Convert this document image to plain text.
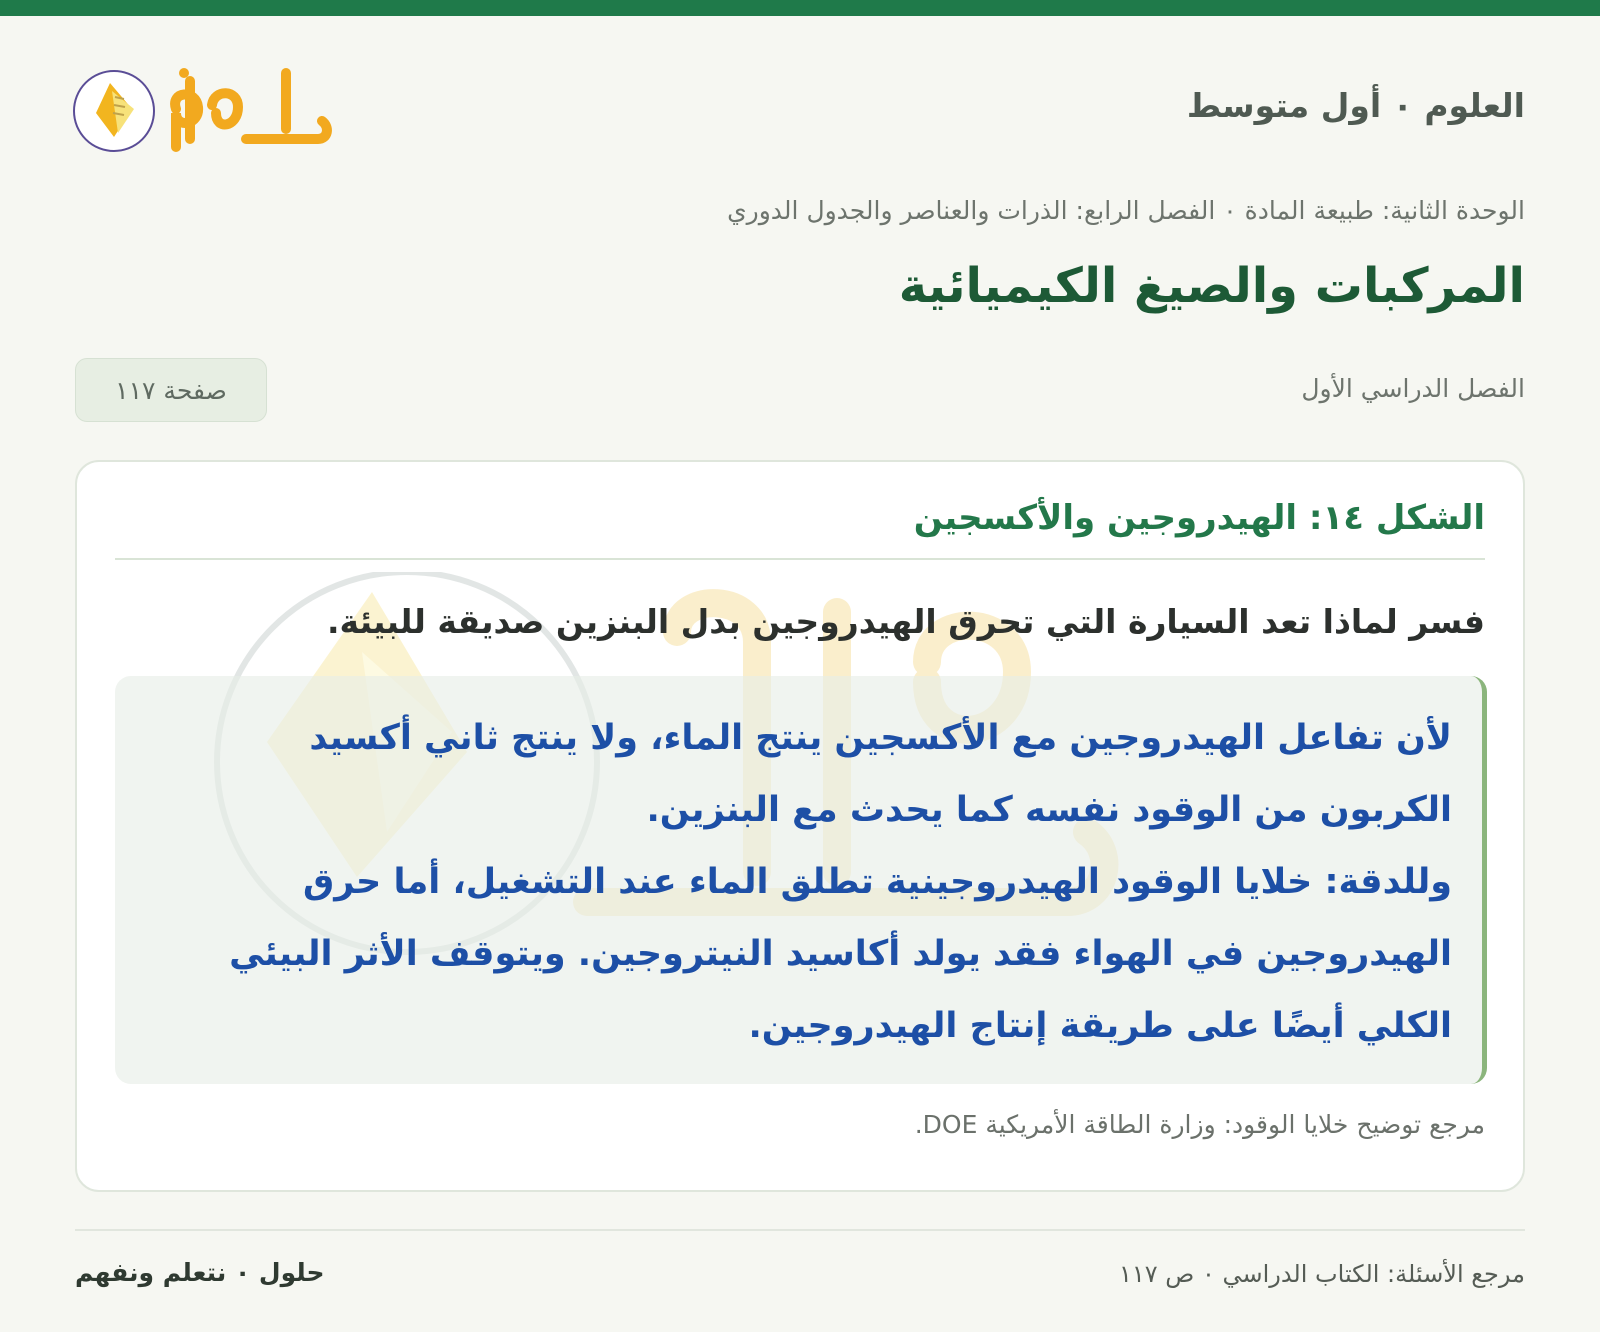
العلوم ٠ أول متوسط
الوحدة الثانية: طبيعة المادة ٠ الفصل الرابع: الذرات والعناصر والجدول الدوري
المركبات والصيغ الكيميائية
الفصل الدراسي الأول
صفحة ١١٧
الشكل ١٤: الهيدروجين والأكسجين
فسر لماذا تعد السيارة التي تحرق الهيدروجين بدل البنزين صديقة للبيئة.

لأن تفاعل الهيدروجين مع الأكسجين ينتج الماء، ولا ينتج ثاني أكسيد الكربون من الوقود نفسه كما يحدث مع البنزين.

وللدقة: خلايا الوقود الهيدروجينية تطلق الماء عند التشغيل، أما حرق الهيدروجين في الهواء فقد يولد أكاسيد النيتروجين. ويتوقف الأثر البيئي الكلي أيضًا على طريقة إنتاج الهيدروجين.

مرجع توضيح خلايا الوقود: وزارة الطاقة الأمريكية DOE.
مرجع الأسئلة: الكتاب الدراسي ٠ ص ١١٧
حلول ٠ نتعلم ونفهم
